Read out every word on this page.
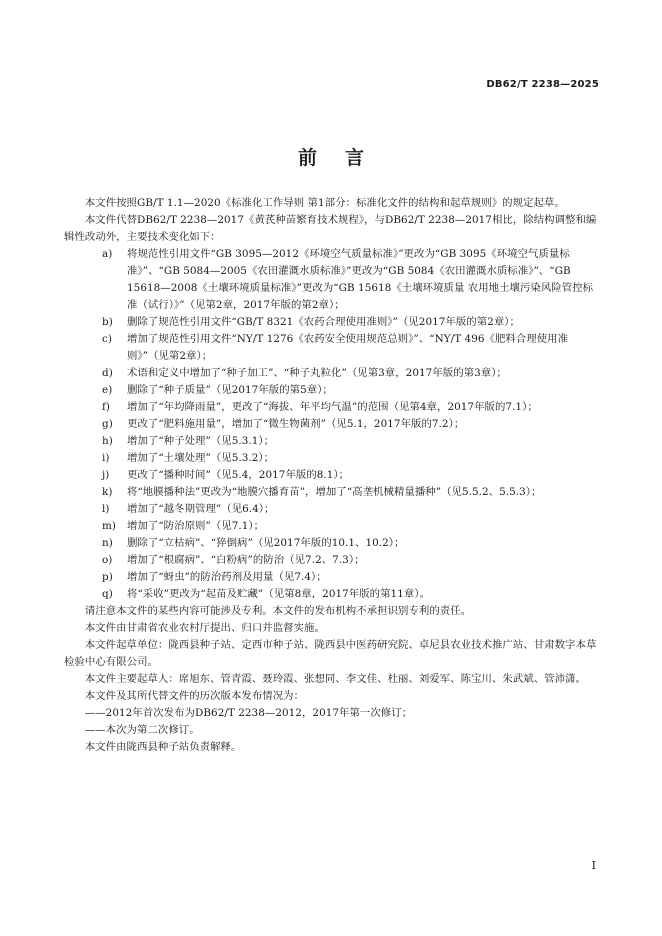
DB62/T 2238—2025

前言

本文件按照GB/T 1.1—2020《标准化工作导则 第1部分：标准化文件的结构和起草规则》的规定起草。

本文件代替DB62/T 2238—2017《黄芪种苗繁育技术规程》，与DB62/T 2238—2017相比，除结构调整和编辑性改动外，主要技术变化如下：

a) 将规范性引用文件“GB 3095—2012《环境空气质量标准》”更改为“GB 3095《环境空气质量标准》”、“GB 5084—2005《农田灌溉水质标准》”更改为“GB 5084《农田灌溉水质标准》”、“GB 15618—2008《土壤环境质量标准》”更改为“GB 15618《土壤环境质量 农用地土壤污染风险管控标准（试行）》”（见第2章，2017年版的第2章）；
b) 删除了规范性引用文件“GB/T 8321《农药合理使用准则》”（见2017年版的第2章）；
c) 增加了规范性引用文件“NY/T 1276《农药安全使用规范总则》”、“NY/T 496《肥料合理使用准则》”（见第2章）；
d) 术语和定义中增加了“种子加工”、“种子丸粒化”（见第3章，2017年版的第3章）；
e) 删除了“种子质量”（见2017年版的第5章）；
f) 增加了“年均降雨量”，更改了“海拔、年平均气温”的范围（见第4章，2017年版的7.1）；
g) 更改了“肥料施用量”，增加了“微生物菌剂”（见5.1，2017年版的7.2）；
h) 增加了“种子处理”（见5.3.1）；
i) 增加了“土壤处理”（见5.3.2）；
j) 更改了“播种时间”（见5.4，2017年版的8.1）；
k) 将“地膜播种法”更改为“地膜穴播育苗”，增加了“高垄机械精量播种”（见5.5.2、5.5.3）；
l) 增加了“越冬期管理”（见6.4）；
m) 增加了“防治原则”（见7.1）；
n) 删除了“立枯病”、“猝倒病”（见2017年版的10.1、10.2）；
o) 增加了“根腐病”、“白粉病”的防治（见7.2、7.3）；
p) 增加了“蚜虫”的防治药剂及用量（见7.4）；
q) 将“采收”更改为“起苗及贮藏”（见第8章，2017年版的第11章）。

请注意本文件的某些内容可能涉及专利。本文件的发布机构不承担识别专利的责任。

本文件由甘肃省农业农村厅提出、归口并监督实施。

本文件起草单位：陇西县种子站、定西市种子站、陇西县中医药研究院、卓尼县农业技术推广站、甘肃数字本草检验中心有限公司。

本文件主要起草人：席旭东、管青霞、聂玲霞、张想同、李文佳、杜丽、刘爱军、陈宝川、朱武斌、管沛潇。

本文件及其所代替文件的历次版本发布情况为：

——2012年首次发布为DB62/T 2238—2012，2017年第一次修订；

——本次为第二次修订。

本文件由陇西县种子站负责解释。

I
